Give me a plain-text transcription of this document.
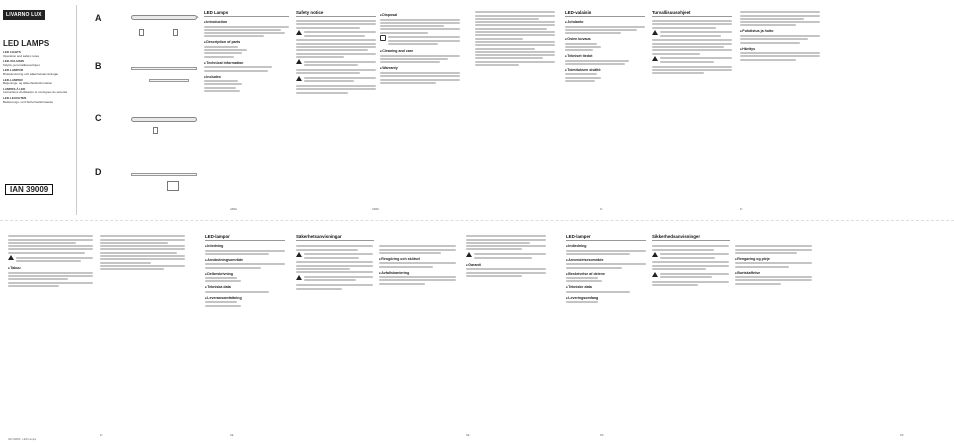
LIVARNO LUX
LED LAMPS
LED LIGHTS
Operation and safety notes
LED-VALAISIN
Käyttö- ja turvallisuusohjeet
LED-LAMPOR
Bruksanvisning och säkerhetsanvisningar
LED-LAMPER
Betjenings- og sikkerhedsinformation
LAMPES À LED
Instructions d'utilisation et consignes de sécurité
LED-LEUCHTEN
Bedienungs- und Sicherheitshinweise
IAN 39009
A	1
B
C
D
LED Lamps
■ Introduction
■ Description of parts
■ Technical information
■ Includes
GB/IE
Safety notice
■	Disposal
■ Cleaning and care
■ Warranty
GB/IE
LED-valaisin
■ Johdanto
■ Osien kuvaus
■ Tekniset tiedot
■ Toimituksen sisältö
FI
Turvallisuusohjeet
■ Puhdistus ja hoito
■ Hävitys
FI
■ Takuu
FI
LED-lampor
■ Inledning
■ Användningsområde
■ Delbeskrivning
■ Tekniska data
■ Leveransomfattning
SE
Säkerhetsanvisningar
■ Rengöring och skötsel
■ Avfallshantering
■ Garanti
SE
LED-lamper
■ Indledning
■ Anvendelsesområde
■ Beskrivelse af delene
■ Tekniske data
■ Leveringsomfang
DK
Sikkerhedsanvisninger
■ Rengøring og pleje
■ Bortskaffelse
DK
IAN 39009 · LED Lamps
